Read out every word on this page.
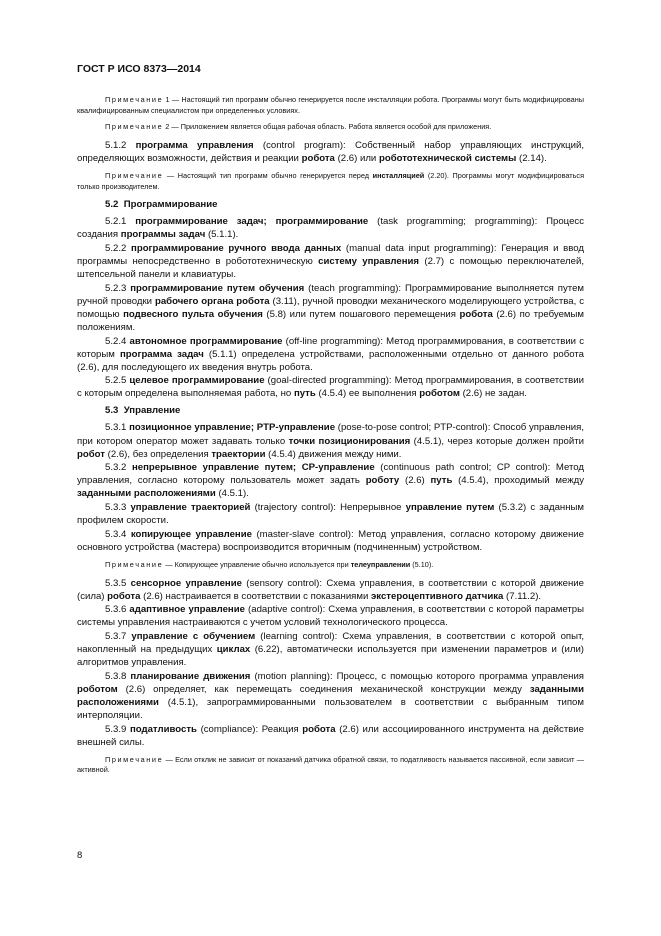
ГОСТ Р ИСО 8373—2014

Примечание 1 — Настоящий тип программ обычно генерируется после инсталляции робота. Программы могут быть модифицированы квалифицированным специалистом при определенных условиях.

Примечание 2 — Приложением является общая рабочая область. Работа является особой для приложения.

5.1.2 программа управления (control program): Собственный набор управляющих инструкций, определяющих возможности, действия и реакции робота (2.6) или робототехнической системы (2.14).

Примечание — Настоящий тип программ обычно генерируется перед инсталляцией (2.20). Программы могут модифицироваться только производителем.

5.2 Программирование

5.2.1 программирование задач; программирование (task programming; programming): Процесс создания программы задач (5.1.1).

5.2.2 программирование ручного ввода данных (manual data input programming): Генерация и ввод программы непосредственно в робототехническую систему управления (2.7) с помощью переключателей, штепсельной панели и клавиатуры.

5.2.3 программирование путем обучения (teach programming): Программирование выполняется путем ручной проводки рабочего органа робота (3.11), ручной проводки механического моделирующего устройства, с помощью подвесного пульта обучения (5.8) или путем пошагового перемещения робота (2.6) по требуемым положениям.

5.2.4 автономное программирование (off-line programming): Метод программирования, в соответствии с которым программа задач (5.1.1) определена устройствами, расположенными отдельно от данного робота (2.6), для последующего их введения внутрь робота.

5.2.5 целевое программирование (goal-directed programming): Метод программирования, в соответствии с которым определена выполняемая работа, но путь (4.5.4) ее выполнения роботом (2.6) не задан.

5.3 Управление

5.3.1 позиционное управление; PTP-управление (pose-to-pose control; PTP-control): Способ управления, при котором оператор может задавать только точки позиционирования (4.5.1), через которые должен пройти робот (2.6), без определения траектории (4.5.4) движения между ними.

5.3.2 непрерывное управление путем; CP-управление (continuous path control; CP control): Метод управления, согласно которому пользователь может задать роботу (2.6) путь (4.5.4), проходимый между заданными расположениями (4.5.1).

5.3.3 управление траекторией (trajectory control): Непрерывное управление путем (5.3.2) с заданным профилем скорости.

5.3.4 копирующее управление (master-slave control): Метод управления, согласно которому движение основного устройства (мастера) воспроизводится вторичным (подчиненным) устройством.

Примечание — Копирующее управление обычно используется при телеуправлении (5.10).

5.3.5 сенсорное управление (sensory control): Схема управления, в соответствии с которой движение (сила) робота (2.6) настраивается в соответствии с показаниями экстероцептивного датчика (7.11.2).

5.3.6 адаптивное управление (adaptive control): Схема управления, в соответствии с которой параметры системы управления настраиваются с учетом условий технологического процесса.

5.3.7 управление с обучением (learning control): Схема управления, в соответствии с которой опыт, накопленный на предыдущих циклах (6.22), автоматически используется при изменении параметров и (или) алгоритмов управления.

5.3.8 планирование движения (motion planning): Процесс, с помощью которого программа управления роботом (2.6) определяет, как перемещать соединения механической конструкции между заданными расположениями (4.5.1), запрограммированными пользователем в соответствии с выбранным типом интерполяции.

5.3.9 податливость (compliance): Реакция робота (2.6) или ассоциированного инструмента на действие внешней силы.

Примечание — Если отклик не зависит от показаний датчика обратной связи, то податливость называется пассивной, если зависит — активной.

8
